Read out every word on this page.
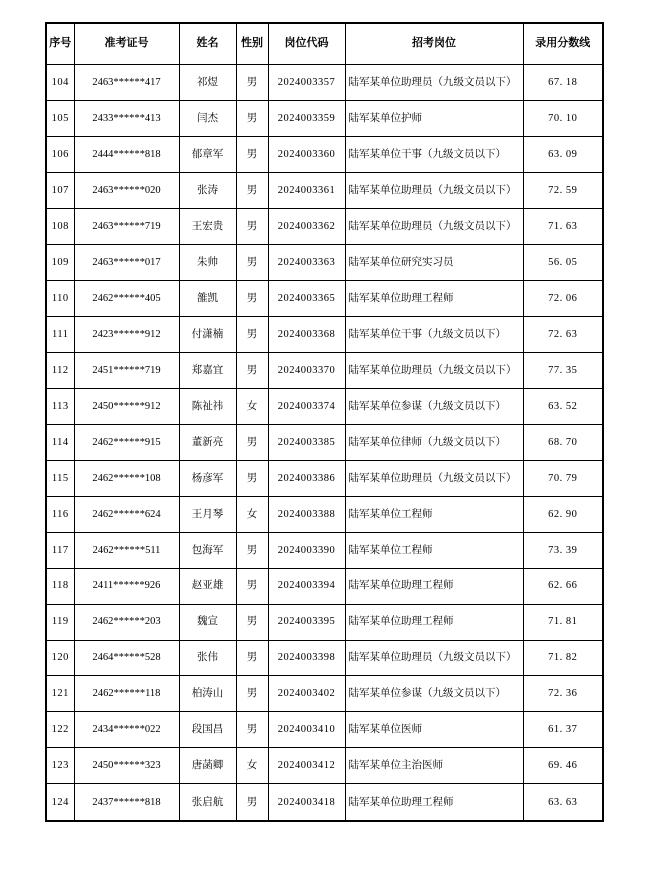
序号	准考证号	姓名	性别	岗位代码	招考岗位	录用分数线
104	2463******417	祁煜	男	2024003357	陆军某单位助理员（九级文员以下）	67. 18
105	2433******413	闫杰	男	2024003359	陆军某单位护师	70. 10
106	2444******818	郁章军	男	2024003360	陆军某单位干事（九级文员以下）	63. 09
107	2463******020	张涛	男	2024003361	陆军某单位助理员（九级文员以下）	72. 59
108	2463******719	王宏贵	男	2024003362	陆军某单位助理员（九级文员以下）	71. 63
109	2463******017	朱帅	男	2024003363	陆军某单位研究实习员	56. 05
110	2462******405	雒凯	男	2024003365	陆军某单位助理工程师	72. 06
111	2423******912	付潇楠	男	2024003368	陆军某单位干事（九级文员以下）	72. 63
112	2451******719	郑嘉宜	男	2024003370	陆军某单位助理员（九级文员以下）	77. 35
113	2450******912	陈祉祎	女	2024003374	陆军某单位参谋（九级文员以下）	63. 52
114	2462******915	董新亮	男	2024003385	陆军某单位律师（九级文员以下）	68. 70
115	2462******108	杨彦军	男	2024003386	陆军某单位助理员（九级文员以下）	70. 79
116	2462******624	王月琴	女	2024003388	陆军某单位工程师	62. 90
117	2462******511	包海军	男	2024003390	陆军某单位工程师	73. 39
118	2411******926	赵亚雄	男	2024003394	陆军某单位助理工程师	62. 66
119	2462******203	魏宣	男	2024003395	陆军某单位助理工程师	71. 81
120	2464******528	张伟	男	2024003398	陆军某单位助理员（九级文员以下）	71. 82
121	2462******118	柏涛山	男	2024003402	陆军某单位参谋（九级文员以下）	72. 36
122	2434******022	段国昌	男	2024003410	陆军某单位医师	61. 37
123	2450******323	唐菡卿	女	2024003412	陆军某单位主治医师	69. 46
124	2437******818	张启航	男	2024003418	陆军某单位助理工程师	63. 63
